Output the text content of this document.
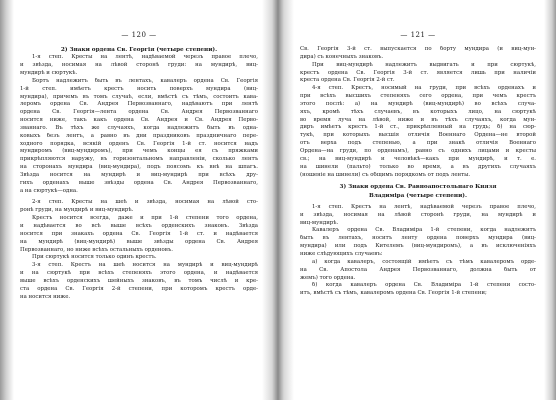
— 120 —
2) Знаки ордена Св. Георгія (четыре степени).
1-я степ. Кресты на лентѣ, надѣваемой черезъ правое плечо,
и звѣзда, носимая на лѣвой сторонѣ груди: на мундирѣ, виц-
мундирѣ и сюртукѣ.
Бортъ надлежитъ быть въ лентахъ, кавалеръ ордена Св. Георгія
1-й степ. имѣетъ крестъ носить поверхъ мундира (виц-
мундира), причемъ въ томъ случаѣ, если, вмѣстѣ съ тѣмъ, состоитъ кава-
леромъ ордена Св. Андрея Первозваннаго, надѣваютъ при лентѣ
ордена Св. Георгія—лента ордена Св. Андрея Первозваннаго
носится ниже, такъ какъ ордена Св. Андрея и Св. Андрея Перво-
званнаго. Въ тѣхъ же случаяхъ, когда надлежитъ быть въ одна-
ковыхъ безъ лентъ, а равно въ дни праздниковъ праздничнаго пере-
ходного порядка, всякій орденъ Св. Георгія 1-й ст. носится надъ
мундиромъ (виц-мундиромъ), при чемъ концы ея съ пряжками
прикрѣпляются наружу, въ горизонтальномъ направленіи, сколько лентъ
на сторонахъ мундира (виц-мундира), подъ поясомъ къ внѣ на шпагъ.
Звѣзда носится на мундирѣ и виц-мундирѣ при всѣхъ дру-
гихъ орденахъ выше звѣзды ордена Св. Андрея Первозваннаго,
а на сюртукѣ—одна.
2-я степ. Кресты на шеѣ и звѣзда, носимая на лѣвой сто-
ронѣ груди, на мундирѣ и виц-мундирѣ.
Крестъ носится всегда, даже и при 1-й степени того ордена,
и надѣвается во всѣ выше всѣхъ орденскихъ знаковъ. Звѣзда
носится при знакахъ ордена Св. Георгія 1-й ст. и надѣвается
на мундирѣ (виц-мундирѣ) выше звѣзды ордена Св. Андрея
Первозваннаго, но ниже всѣхъ остальныхъ орденовъ.
При сюртукѣ носится только одинъ крестъ.
3-я степ. Крестъ на шеѣ носится на мундирѣ и виц-мундирѣ
и на сюртукѣ при всѣхъ степеняхъ этого ордена, и надѣвается
выше всѣхъ орденскихъ шейныхъ знаковъ, въ томъ числѣ и кре-
ста ордена Св. Георгія 2-й степени, при которомъ крестъ орде-
на носится ниже.
— 121 —
Св. Георгія 3-й ст. выпускается по борту мундира (и виц-мун-
дира) съ конечныхъ знаковъ.
При виц-мундирѣ надлежитъ выдвигать и при сюртукѣ,
крестъ ордена Св. Георгія 3-й ст. является лишь при наличіи
креста ордена Св. Георгія 2-й ст.
4-я степ. Крестъ, носимый на груди, при всѣхъ орденахъ и
при всѣхъ высшихъ степеняхъ сего ордена, при чемъ крестъ
этого послѣ: а) на мундирѣ (виц-мундирѣ) во всѣхъ случа-
яхъ, кромѣ тѣхъ случаевъ, въ которыхъ лицо, на сюртукѣ
во время луча на лѣвой, ниже и въ тѣхъ случаяхъ, когда мун-
диръ имѣетъ крестъ 1-й ст., прикрѣпленный на грудь; б) на сюр-
тукѣ, при которыхъ высшія отличія Военнаго Ордена—не второй
отъ верха подъ степенью, а при знакѣ отличія Военнаго
Ордена—на груди, по орденамъ), равно съ однихъ лицами и кресты
св.; на виц-мундирѣ и человѣкѣ—какъ при мундирѣ, и т. е.
на шинели (пальто) только во время, а въ другихъ случаяхъ
(ношеніе на шинели) съ общимъ порядкомъ от подъ ленты.
3) Знаки ордена Св. Равноапостольнаго Князя
Владиміра (четыре степени).
1-я степ. Крестъ на лентѣ, надѣваемой черезъ правое плечо,
и звѣзда, носимая на лѣвой сторонѣ груди, на мундирѣ и
виц-мундирѣ.
Кавалеръ ордена Св. Владиміра 1-й степени, когда надлежитъ
быть въ лентахъ, носитъ ленту ордена поверхъ мундира (виц-
мундира) или подъ Кителемъ (виц-мундиромъ), а въ исключеніяхъ
ниже слѣдующихъ случаевъ:
а) когда кавалеръ, состоящій имѣетъ съ тѣмъ кавалеромъ орде-
на Св. Апостола Андрея Первозваннаго, должна быть от
жемъ) того ордена.
б) когда кавалеръ ордена Св. Владиміра 1-й степени состо-
итъ, вмѣстѣ съ тѣмъ, кавалеромъ ордена Св. Георгія 1-й степени;
